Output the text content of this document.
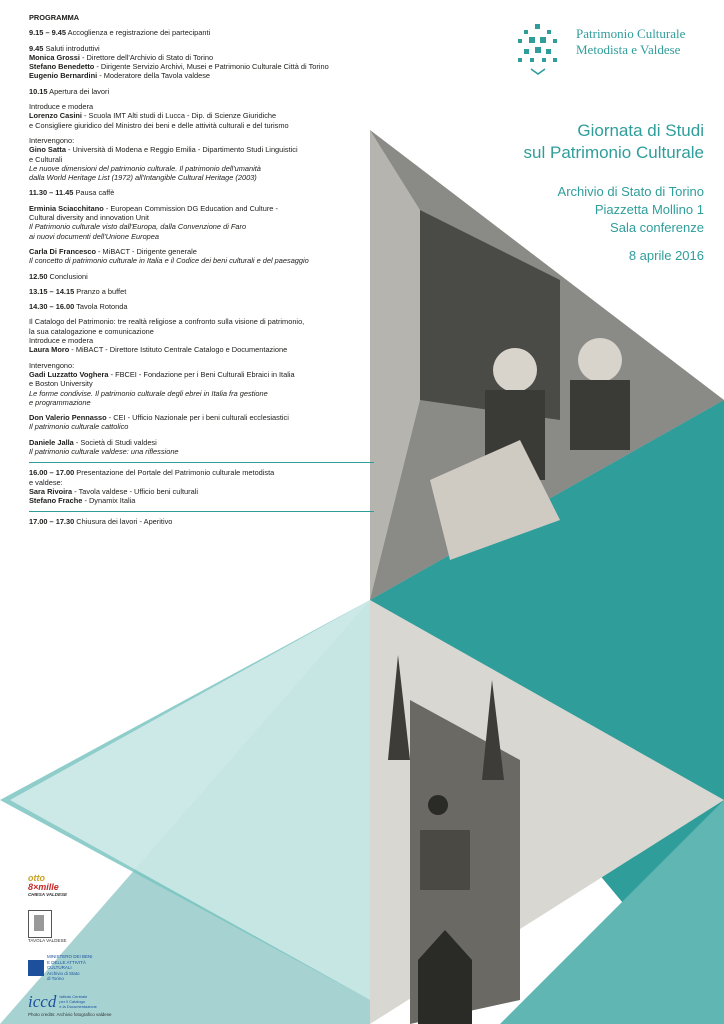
PROGRAMMA
9.15 – 9.45 Accoglienza e registrazione dei partecipanti
9.45 Saluti introduttivi
Monica Grossi - Direttore dell'Archivio di Stato di Torino
Stefano Benedetto - Dirigente Servizio Archivi, Musei e Patrimonio Culturale Città di Torino
Eugenio Bernardini - Moderatore della Tavola valdese
10.15 Apertura dei lavori
Introduce e modera
Lorenzo Casini - Scuola IMT Alti studi di Lucca - Dip. di Scienze Giuridiche
e Consigliere giuridico del Ministro dei beni e delle attività culturali e del turismo
Intervengono:
Gino Satta - Università di Modena e Reggio Emilia - Dipartimento Studi Linguistici
e Culturali
Le nuove dimensioni del patrimonio culturale. Il patrimonio dell'umanità
dalla World Heritage List (1972) all'Intangible Cultural Heritage (2003)
11.30 – 11.45 Pausa caffè
Erminia Sciacchitano - European Commission DG Education and Culture -
Cultural diversity and innovation Unit
Il Patrimonio culturale visto dall'Europa, dalla Convenzione di Faro
ai nuovi documenti dell'Unione Europea
Carla Di Francesco - MiBACT - Dirigente generale
Il concetto di patrimonio culturale in Italia e il Codice dei beni culturali e del paesaggio
12.50 Conclusioni
13.15 – 14.15 Pranzo a buffet
14.30 – 16.00 Tavola Rotonda
Il Catalogo del Patrimonio: tre realtà religiose a confronto sulla visione di patrimonio,
la sua catalogazione e comunicazione
Introduce e modera
Laura Moro - MiBACT - Direttore Istituto Centrale Catalogo e Documentazione
Intervengono:
Gadi Luzzatto Voghera - FBCEI - Fondazione per i Beni Culturali Ebraici in Italia
e Boston University
Le forme condivise. Il patrimonio culturale degli ebrei in Italia fra gestione
e programmazione
Don Valerio Pennasso - CEI - Ufficio Nazionale per i beni culturali ecclesiastici
Il patrimonio culturale cattolico
Daniele Jalla - Società di Studi valdesi
Il patrimonio culturale valdese: una riflessione
16.00 – 17.00 Presentazione del Portale del Patrimonio culturale metodista
e valdese:
Sara Rivoira - Tavola valdese - Ufficio beni culturali
Stefano Frache - Dynamix Italia
17.00 – 17.30 Chiusura dei lavori - Aperitivo
Patrimonio Culturale
Metodista e Valdese
Giornata di Studi
sul Patrimonio Culturale
Archivio di Stato di Torino
Piazzetta Mollino 1
Sala conferenze
8 aprile 2016
otto
8×mille
CHIESA VALDESE
TAVOLA VALDESE
MINISTERO DEI BENI
E DELLE ATTIVITÀ
CULTURALI
Archivio di Stato
di Torino
iccd Istituto Centrale
per il Catalogo
e la Documentazione
Photo credits: Archivio fotografico valdese
